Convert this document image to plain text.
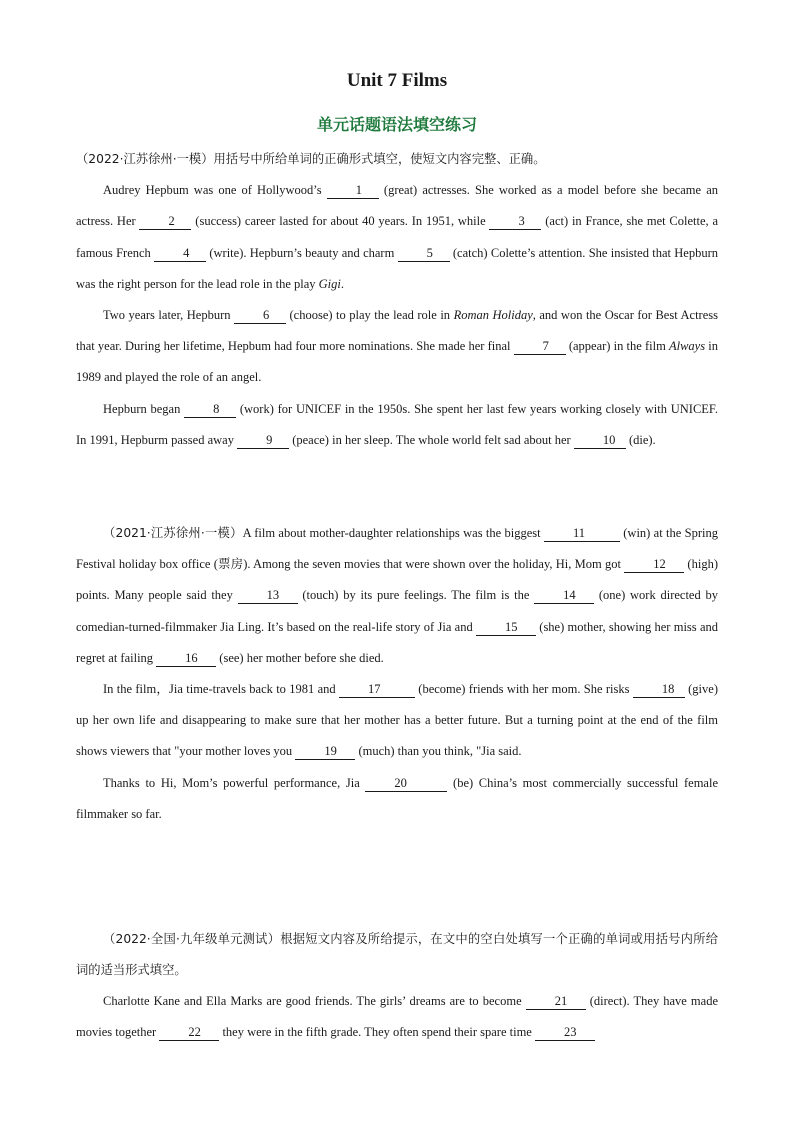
Unit 7 Films
单元话题语法填空练习

（2022·江苏徐州·一模）用括号中所给单词的正确形式填空，使短文内容完整、正确。

Audrey Hepbum was one of Hollywood’s 1 (great) actresses. She worked as a model before she became an actress. Her 2 (success) career lasted for about 40 years. In 1951, while 3 (act) in France, she met Colette, a famous French 4 (write). Hepburn’s beauty and charm 5 (catch) Colette’s attention. She insisted that Hepburn was the right person for the lead role in the play Gigi.

Two years later, Hepburn 6 (choose) to play the lead role in Roman Holiday, and won the Oscar for Best Actress that year. During her lifetime, Hepbum had four more nominations. She made her final 7 (appear) in the film Always in 1989 and played the role of an angel.

Hepburn began 8 (work) for UNICEF in the 1950s. She spent her last few years working closely with UNICEF. In 1991, Hepburm passed away 9 (peace) in her sleep. The whole world felt sad about her 10 (die).

（2021·江苏徐州·一模）A film about mother-daughter relationships was the biggest 11	(win) at the Spring Festival holiday box office (票房). Among the seven movies that were shown over the holiday, Hi, Mom got 12 (high) points. Many people said they 13 (touch) by its pure feelings. The film is the 14 (one) work directed by comedian-turned-filmmaker Jia Ling. It’s based on the real-life story of Jia and 15 (she) mother, showing her miss and regret at failing 16 (see) her mother before she died.

In the film，Jia time-travels back to 1981 and 17	(become) friends with her mom. She risks 18 (give) up her own life and disappearing to make sure that her mother has a better future. But a turning point at the end of the film shows viewers that "your mother loves you 19 (much) than you think, "Jia said.

Thanks to Hi, Mom’s powerful performance, Jia 20	(be) China’s most commercially successful female filmmaker so far.

（2022·全国·九年级单元测试）根据短文内容及所给提示，在文中的空白处填写一个正确的单词或用括号内所给词的适当形式填空。

Charlotte Kane and Ella Marks are good friends. The girls’ dreams are to become 21 (direct). They have made movies together 22 they were in the fifth grade. They often spend their spare time 23
